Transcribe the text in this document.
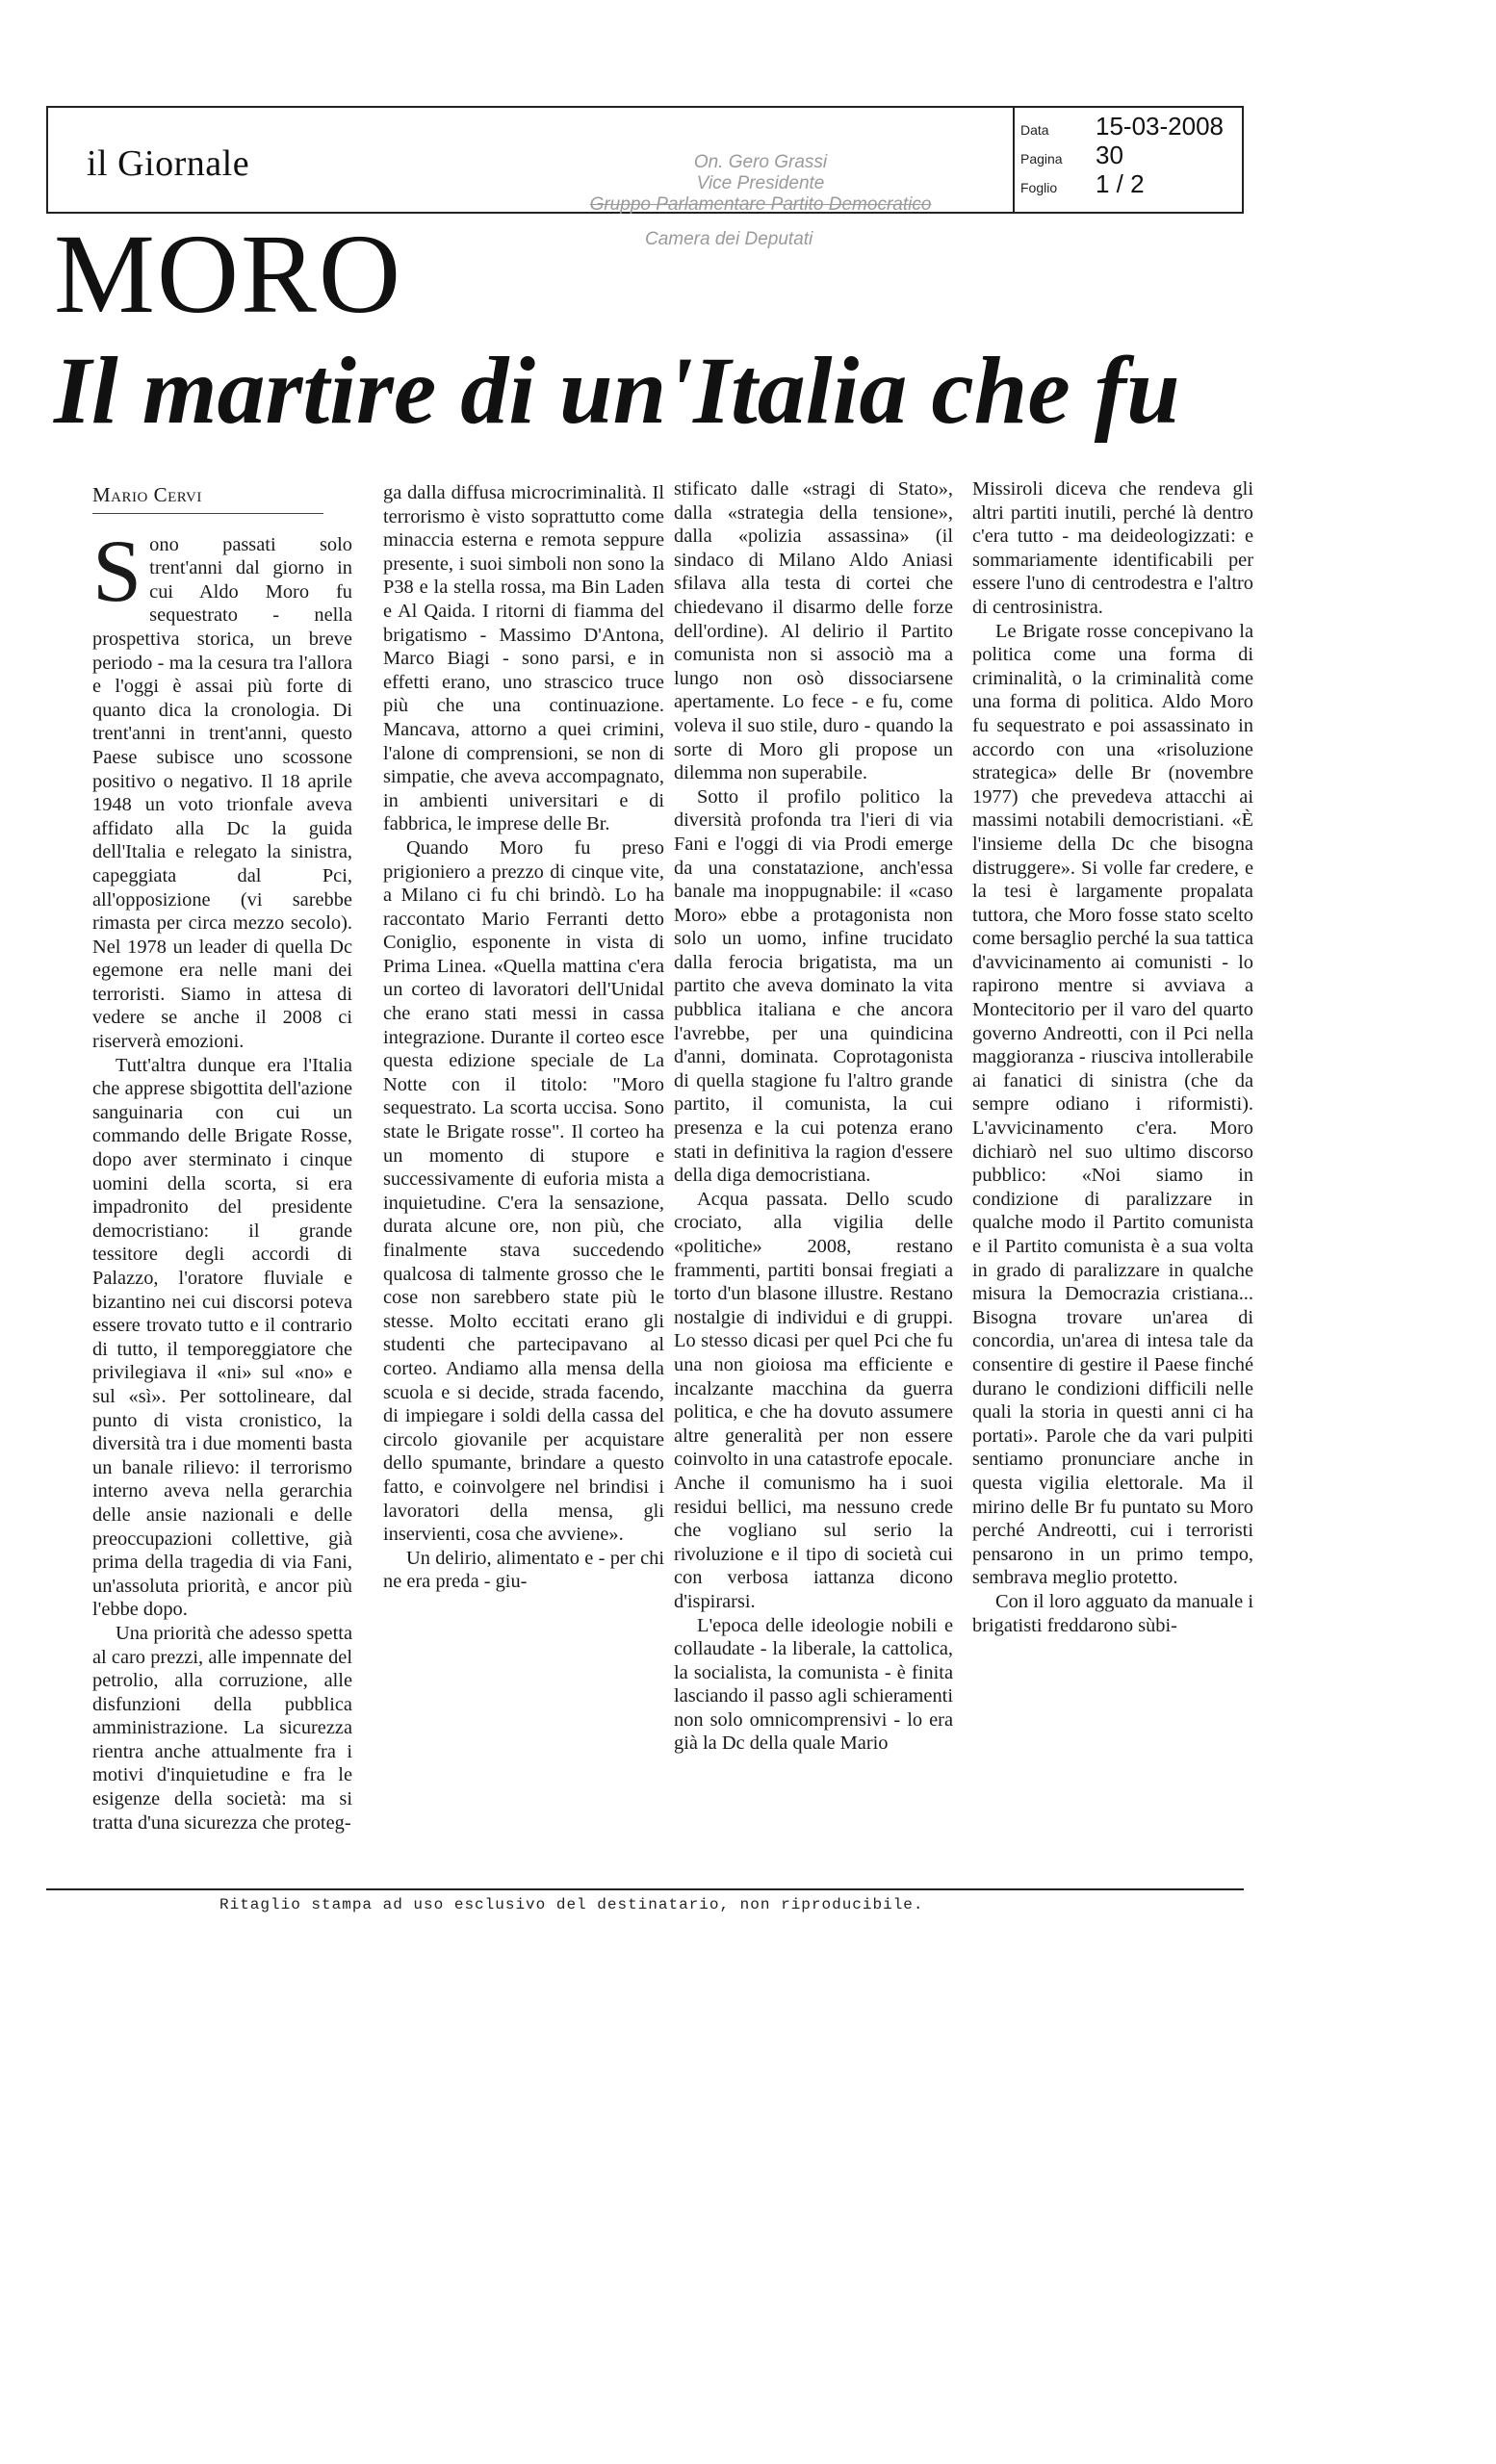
il Giornale	On. Gero Grassi
Vice Presidente
Gruppo Parlamentare Partito Democratico
Data	15-03-2008
Pagina	30
Foglio	1 / 2
Camera dei Deputati
MORO
Il martire di un'Italia che fu
Mario Cervi

Sono passati solo trent'anni dal giorno in cui Aldo Moro fu sequestrato - nella prospettiva storica, un breve periodo - ma la cesura tra l'allora e l'oggi è assai più forte di quanto dica la cronologia. Di trent'anni in trent'anni, questo Paese subisce uno scossone positivo o negativo. Il 18 aprile 1948 un voto trionfale aveva affidato alla Dc la guida dell'Italia e relegato la sinistra, capeggiata dal Pci, all'opposizione (vi sarebbe rimasta per circa mezzo secolo). Nel 1978 un leader di quella Dc egemone era nelle mani dei terroristi. Siamo in attesa di vedere se anche il 2008 ci riserverà emozioni.

Tutt'altra dunque era l'Italia che apprese sbigottita dell'azione sanguinaria con cui un commando delle Brigate Rosse, dopo aver sterminato i cinque uomini della scorta, si era impadronito del presidente democristiano: il grande tessitore degli accordi di Palazzo, l'oratore fluviale e bizantino nei cui discorsi poteva essere trovato tutto e il contrario di tutto, il temporeggiatore che privilegiava il «ni» sul «no» e sul «sì». Per sottolineare, dal punto di vista cronistico, la diversità tra i due momenti basta un banale rilievo: il terrorismo interno aveva nella gerarchia delle ansie nazionali e delle preoccupazioni collettive, già prima della tragedia di via Fani, un'assoluta priorità, e ancor più l'ebbe dopo.

Una priorità che adesso spetta al caro prezzi, alle impennate del petrolio, alla corruzione, alle disfunzioni della pubblica amministrazione. La sicurezza rientra anche attualmente fra i motivi d'inquietudine e fra le esigenze della società: ma si tratta d'una sicurezza che proteg-

ga dalla diffusa microcriminalità. Il terrorismo è visto soprattutto come minaccia esterna e remota seppure presente, i suoi simboli non sono la P38 e la stella rossa, ma Bin Laden e Al Qaida. I ritorni di fiamma del brigatismo - Massimo D'Antona, Marco Biagi - sono parsi, e in effetti erano, uno strascico truce più che una continuazione. Mancava, attorno a quei crimini, l'alone di comprensioni, se non di simpatie, che aveva accompagnato, in ambienti universitari e di fabbrica, le imprese delle Br.

Quando Moro fu preso prigioniero a prezzo di cinque vite, a Milano ci fu chi brindò. Lo ha raccontato Mario Ferranti detto Coniglio, esponente in vista di Prima Linea. «Quella mattina c'era un corteo di lavoratori dell'Unidal che erano stati messi in cassa integrazione. Durante il corteo esce questa edizione speciale de La Notte con il titolo: "Moro sequestrato. La scorta uccisa. Sono state le Brigate rosse". Il corteo ha un momento di stupore e successivamente di euforia mista a inquietudine. C'era la sensazione, durata alcune ore, non più, che finalmente stava succedendo qualcosa di talmente grosso che le cose non sarebbero state più le stesse. Molto eccitati erano gli studenti che partecipavano al corteo. Andiamo alla mensa della scuola e si decide, strada facendo, di impiegare i soldi della cassa del circolo giovanile per acquistare dello spumante, brindare a questo fatto, e coinvolgere nel brindisi i lavoratori della mensa, gli inservienti, cosa che avviene».

Un delirio, alimentato e - per chi ne era preda - giu-

stificato dalle «stragi di Stato», dalla «strategia della tensione», dalla «polizia assassina» (il sindaco di Milano Aldo Aniasi sfilava alla testa di cortei che chiedevano il disarmo delle forze dell'ordine). Al delirio il Partito comunista non si associò ma a lungo non osò dissociarsene apertamente. Lo fece - e fu, come voleva il suo stile, duro - quando la sorte di Moro gli propose un dilemma non superabile.

Sotto il profilo politico la diversità profonda tra l'ieri di via Fani e l'oggi di via Prodi emerge da una constatazione, anch'essa banale ma inoppugnabile: il «caso Moro» ebbe a protagonista non solo un uomo, infine trucidato dalla ferocia brigatista, ma un partito che aveva dominato la vita pubblica italiana e che ancora l'avrebbe, per una quindicina d'anni, dominata. Coprotagonista di quella stagione fu l'altro grande partito, il comunista, la cui presenza e la cui potenza erano stati in definitiva la ragion d'essere della diga democristiana.

Acqua passata. Dello scudo crociato, alla vigilia delle «politiche» 2008, restano frammenti, partiti bonsai fregiati a torto d'un blasone illustre. Restano nostalgie di individui e di gruppi. Lo stesso dicasi per quel Pci che fu una non gioiosa ma efficiente e incalzante macchina da guerra politica, e che ha dovuto assumere altre generalità per non essere coinvolto in una catastrofe epocale. Anche il comunismo ha i suoi residui bellici, ma nessuno crede che vogliano sul serio la rivoluzione e il tipo di società cui con verbosa iattanza dicono d'ispirarsi.

L'epoca delle ideologie nobili e collaudate - la liberale, la cattolica, la socialista, la comunista - è finita lasciando il passo agli schieramenti non solo omnicomprensivi - lo era già la Dc della quale Mario

Missiroli diceva che rendeva gli altri partiti inutili, perché là dentro c'era tutto - ma deideologizzati: e sommariamente identificabili per essere l'uno di centrodestra e l'altro di centrosinistra.

Le Brigate rosse concepivano la politica come una forma di criminalità, o la criminalità come una forma di politica. Aldo Moro fu sequestrato e poi assassinato in accordo con una «risoluzione strategica» delle Br (novembre 1977) che prevedeva attacchi ai massimi notabili democristiani. «È l'insieme della Dc che bisogna distruggere». Si volle far credere, e la tesi è largamente propalata tuttora, che Moro fosse stato scelto come bersaglio perché la sua tattica d'avvicinamento ai comunisti - lo rapirono mentre si avviava a Montecitorio per il varo del quarto governo Andreotti, con il Pci nella maggioranza - riusciva intollerabile ai fanatici di sinistra (che da sempre odiano i riformisti). L'avvicinamento c'era. Moro dichiarò nel suo ultimo discorso pubblico: «Noi siamo in condizione di paralizzare in qualche modo il Partito comunista e il Partito comunista è a sua volta in grado di paralizzare in qualche misura la Democrazia cristiana... Bisogna trovare un'area di concordia, un'area di intesa tale da consentire di gestire il Paese finché durano le condizioni difficili nelle quali la storia in questi anni ci ha portati». Parole che da vari pulpiti sentiamo pronunciare anche in questa vigilia elettorale. Ma il mirino delle Br fu puntato su Moro perché Andreotti, cui i terroristi pensarono in un primo tempo, sembrava meglio protetto.

Con il loro agguato da manuale i brigatisti freddarono sùbi-

Ritaglio stampa ad uso esclusivo del destinatario, non riproducibile.
